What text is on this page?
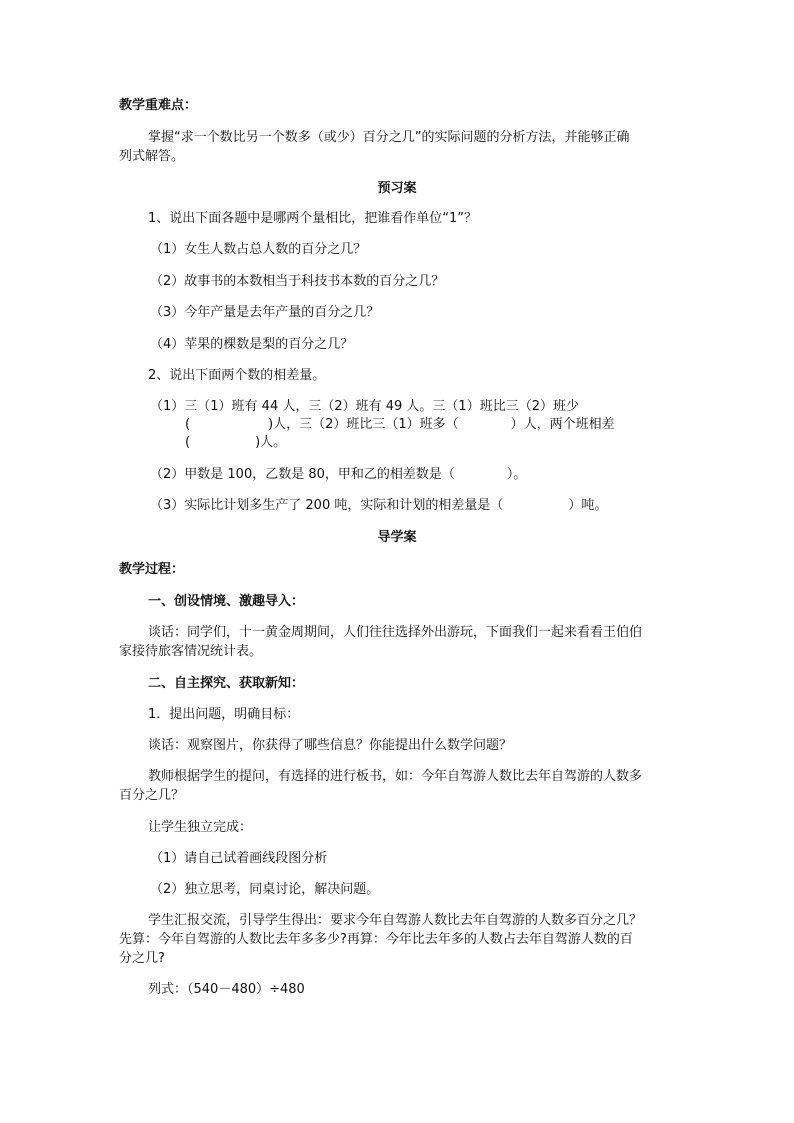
教学重难点：
掌握“求一个数比另一个数多（或少）百分之几”的实际问题的分析方法，并能够正确
列式解答。
预习案
1、说出下面各题中是哪两个量相比，把谁看作单位“1”？
（1）女生人数占总人数的百分之几？
（2）故事书的本数相当于科技书本数的百分之几？
（3）今年产量是去年产量的百分之几？
（4）苹果的棵数是梨的百分之几？
2、说出下面两个数的相差量。
（1）三（1）班有 44 人，三（2）班有 49 人。三（1）班比三（2）班少
(　　　　　　)人，三（2）班比三（1）班多（　　　　）人，两个班相差
(　　　　　)人。
（2）甲数是 100，乙数是 80，甲和乙的相差数是（　　　　）。
（3）实际比计划多生产了 200 吨，实际和计划的相差量是（　　　　　）吨。
导学案
教学过程：
一、创设情境、激趣导入：
谈话：同学们，十一黄金周期间，人们往往选择外出游玩，下面我们一起来看看王伯伯
家接待旅客情况统计表。
二、自主探究、获取新知：
1．提出问题，明确目标：
谈话：观察图片，你获得了哪些信息？你能提出什么数学问题？
教师根据学生的提问，有选择的进行板书，如：今年自驾游人数比去年自驾游的人数多
百分之几？
让学生独立完成：
（1）请自己试着画线段图分析
（2）独立思考，同桌讨论，解决问题。
学生汇报交流，引导学生得出：要求今年自驾游人数比去年自驾游的人数多百分之几？
先算：今年自驾游的人数比去年多多少?再算：今年比去年多的人数占去年自驾游人数的百
分之几?
列式：（540－480）÷480
